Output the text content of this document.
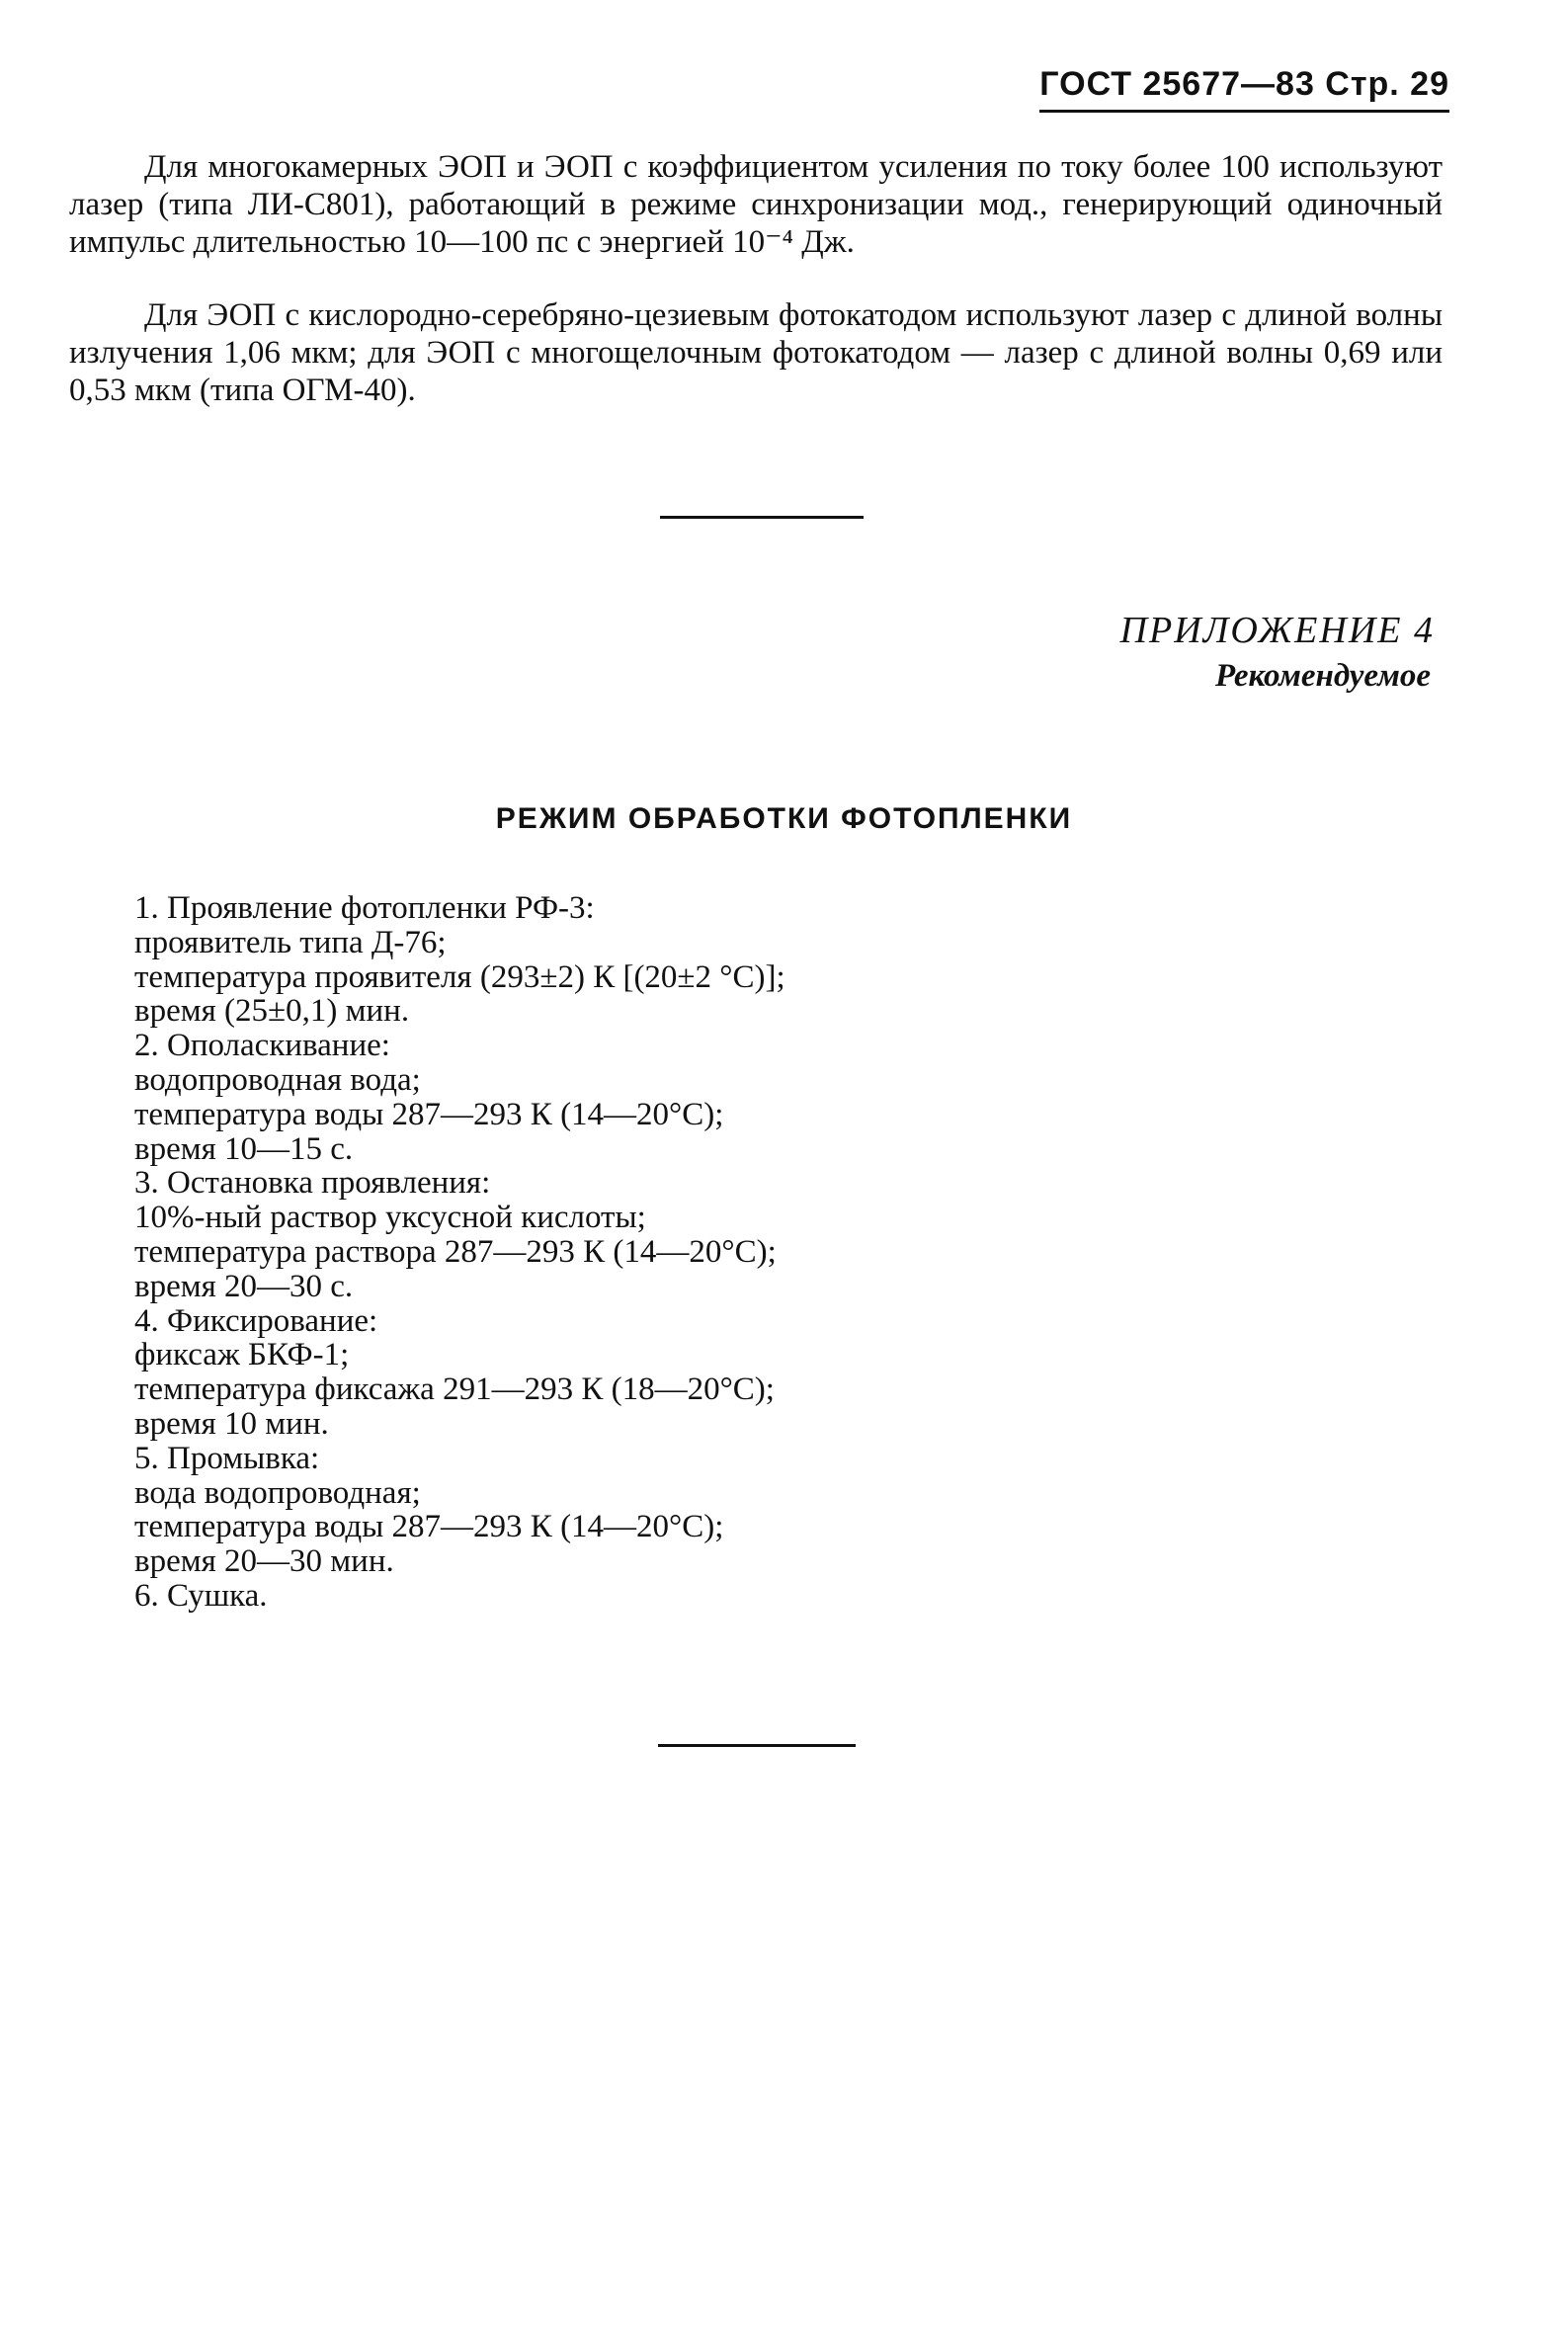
ГОСТ 25677—83 Стр. 29

Для многокамерных ЭОП и ЭОП с коэффициентом усиления по току более 100 используют лазер (типа ЛИ-С801), работающий в режиме синхронизации мод., генерирующий одиночный импульс длительностью 10—100 пс с энергией 10⁻⁴ Дж.

Для ЭОП с кислородно-серебряно-цезиевым фотокатодом используют лазер с длиной волны излучения 1,06 мкм; для ЭОП с многощелочным фотокатодом — лазер с длиной волны 0,69 или 0,53 мкм (типа ОГМ-40).

ПРИЛОЖЕНИЕ 4
Рекомендуемое
РЕЖИМ ОБРАБОТКИ ФОТОПЛЕНКИ
1. Проявление фотопленки РФ-3:
проявитель типа Д-76;
температура проявителя (293±2) К [(20±2 °С)];
время (25±0,1) мин.
2. Ополаскивание:
водопроводная вода;
температура воды 287—293 К (14—20°С);
время 10—15 с.
3. Остановка проявления:
10%-ный раствор уксусной кислоты;
температура раствора 287—293 К (14—20°С);
время 20—30 с.
4. Фиксирование:
фиксаж БКФ-1;
температура фиксажа 291—293 К (18—20°С);
время 10 мин.
5. Промывка:
вода водопроводная;
температура воды 287—293 К (14—20°С);
время 20—30 мин.
6. Сушка.
